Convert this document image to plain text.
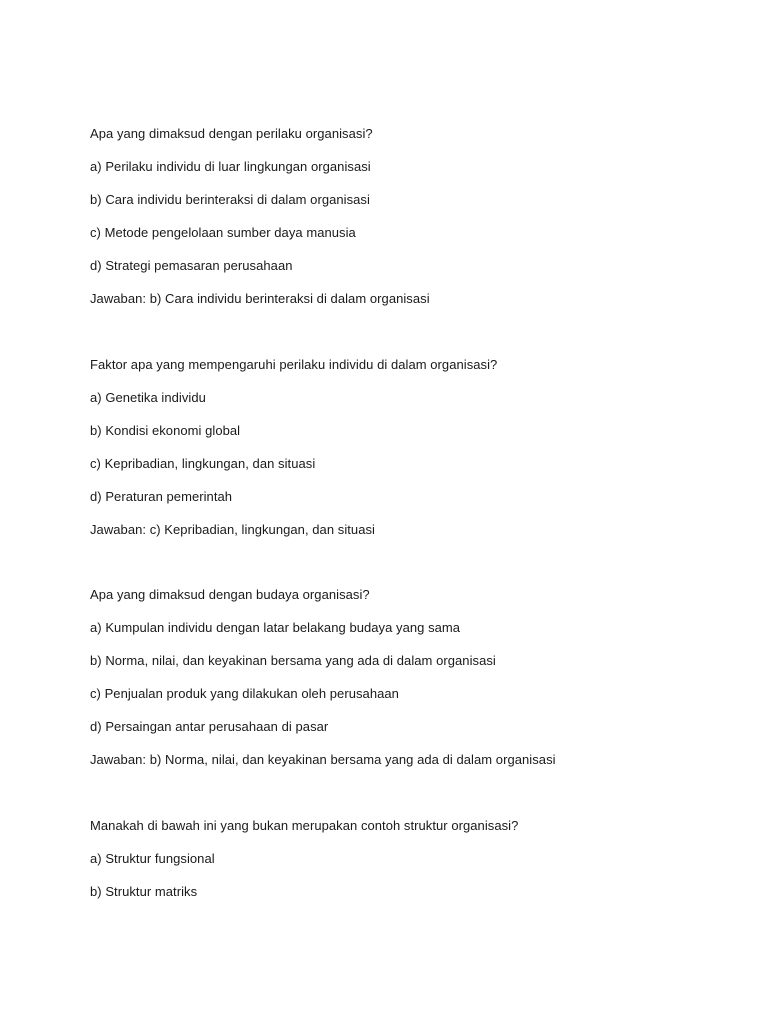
Apa yang dimaksud dengan perilaku organisasi?
a) Perilaku individu di luar lingkungan organisasi
b) Cara individu berinteraksi di dalam organisasi
c) Metode pengelolaan sumber daya manusia
d) Strategi pemasaran perusahaan
Jawaban: b) Cara individu berinteraksi di dalam organisasi
Faktor apa yang mempengaruhi perilaku individu di dalam organisasi?
a) Genetika individu
b) Kondisi ekonomi global
c) Kepribadian, lingkungan, dan situasi
d) Peraturan pemerintah
Jawaban: c) Kepribadian, lingkungan, dan situasi
Apa yang dimaksud dengan budaya organisasi?
a) Kumpulan individu dengan latar belakang budaya yang sama
b) Norma, nilai, dan keyakinan bersama yang ada di dalam organisasi
c) Penjualan produk yang dilakukan oleh perusahaan
d) Persaingan antar perusahaan di pasar
Jawaban: b) Norma, nilai, dan keyakinan bersama yang ada di dalam organisasi
Manakah di bawah ini yang bukan merupakan contoh struktur organisasi?
a) Struktur fungsional
b) Struktur matriks
